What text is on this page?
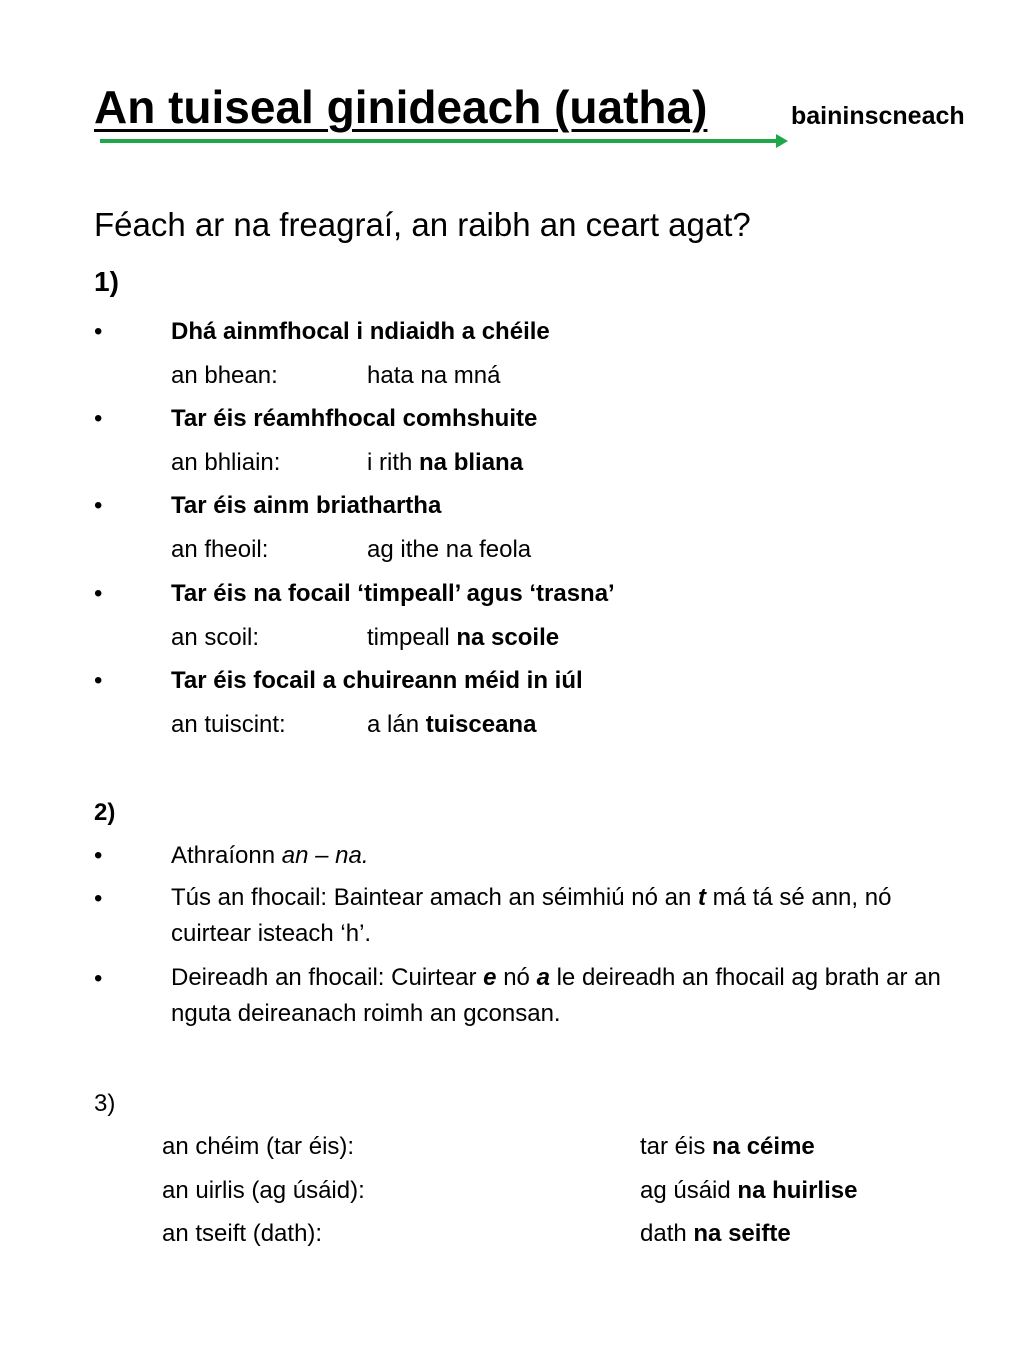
An tuiseal ginideach (uatha)	baininscneach
Féach ar na freagraí, an raibh an ceart agat?
1)
•	Dhá ainmfhocal i ndiaidh a chéile
an bhean:	hata na mná
•	Tar éis réamhfhocal comhshuite
an bhliain:	i rith na bliana
•	Tar éis ainm briathartha
an fheoil:	ag ithe na feola
•	Tar éis na focail ‘timpeall’ agus ‘trasna’
an scoil:	timpeall na scoile
•	Tar éis focail a chuireann méid in iúl
an tuiscint:	a lán tuisceana
2)
•	Athraíonn an – na.
•	Tús an fhocail: Baintear amach an séimhiú nó an t má tá sé ann, nó cuirtear isteach ‘h’.
•	Deireadh an fhocail: Cuirtear e nó a le deireadh an fhocail ag brath ar an nguta deireanach roimh an gconsan.
3)
an chéim (tar éis):	tar éis na céime
an uirlis (ag úsáid):	ag úsáid na huirlise
an tseift (dath):	dath na seifte
